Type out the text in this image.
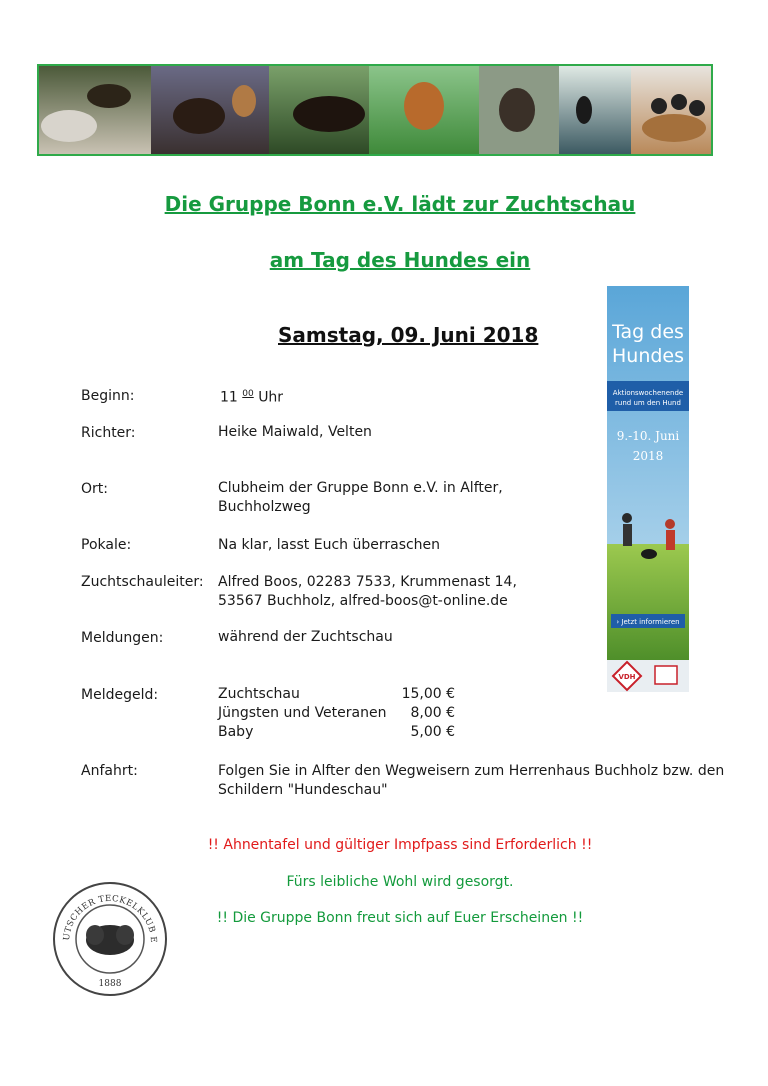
Die Gruppe Bonn e.V. lädt zur Zuchtschau
am Tag des Hundes ein
Samstag, 09. Juni 2018
Beginn:	11 $^{00}$ Uhr
Richter:	Heike Maiwald, Velten
Ort:	Clubheim der Gruppe Bonn e.V. in Alfter,
Buchholzweg
Pokale:	Na klar, lasst Euch überraschen
Zuchtschauleiter: Alfred Boos, 02283 7533, Krummenast 14,
53567 Buchholz, alfred-boos@t-online.de
Meldungen:	während der Zuchtschau
Meldegeld:	Zuchtschau	15,00 €
Jüngsten und Veteranen	8,00 €
Baby	5,00 €
Anfahrt:	Folgen Sie in Alfter den Wegweisern zum Herrenhaus Buchholz bzw. den
Schildern "Hundeschau"
!! Ahnentafel und gültiger Impfpass sind Erforderlich !!
Fürs leibliche Wohl wird gesorgt.
!! Die Gruppe Bonn freut sich auf Euer Erscheinen !!
Tag des
Hundes
Aktionswochenende
rund um den Hund
9.-10. Juni
2018
› Jetzt informieren
VDH
UTSCHER TECKELKLUB E
1888
